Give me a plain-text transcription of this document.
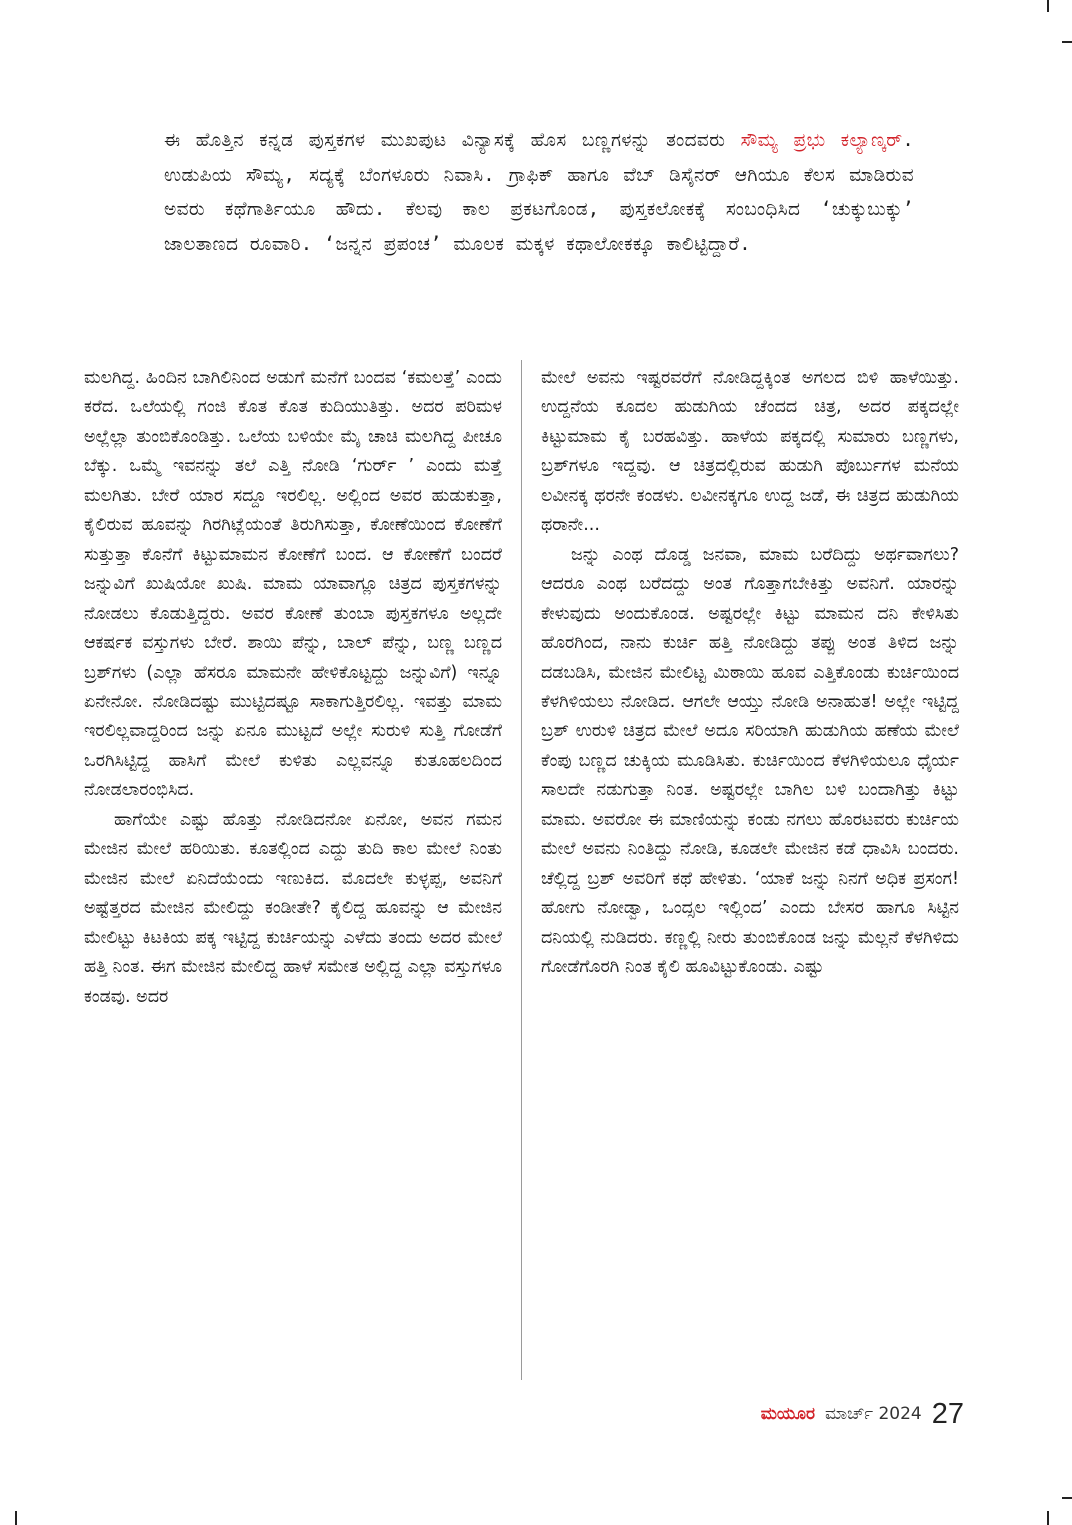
ಈ ಹೊತ್ತಿನ ಕನ್ನಡ ಪುಸ್ತಕಗಳ ಮುಖಪುಟ ವಿನ್ಯಾಸಕ್ಕೆ ಹೊಸ ಬಣ್ಣಗಳನ್ನು ತಂದವರು ಸೌಮ್ಯ ಪ್ರಭು ಕಲ್ಯಾಣ್ಕರ್. ಉಡುಪಿಯ ಸೌಮ್ಯ, ಸದ್ಯಕ್ಕೆ ಬೆಂಗಳೂರು ನಿವಾಸಿ. ಗ್ರಾಫಿಕ್ ಹಾಗೂ ವೆಬ್ ಡಿಸೈನರ್ ಆಗಿಯೂ ಕೆಲಸ ಮಾಡಿರುವ ಅವರು ಕಥೆಗಾರ್ತಿಯೂ ಹೌದು. ಕೆಲವು ಕಾಲ ಪ್ರಕಟಗೊಂಡ, ಪುಸ್ತಕಲೋಕಕ್ಕೆ ಸಂಬಂಧಿಸಿದ ‘ಚುಕ್ಕುಬುಕ್ಕು’ ಜಾಲತಾಣದ ರೂವಾರಿ. ‘ಜನ್ನನ ಪ್ರಪಂಚ’ ಮೂಲಕ ಮಕ್ಕಳ ಕಥಾಲೋಕಕ್ಕೂ ಕಾಲಿಟ್ಟಿದ್ದಾರೆ.

ಮಲಗಿದ್ದ. ಹಿಂದಿನ ಬಾಗಿಲಿನಿಂದ ಅಡುಗೆ ಮನೆಗೆ ಬಂದವ ‘ಕಮಲತ್ತೆ’ ಎಂದು ಕರೆದ. ಒಲೆಯಲ್ಲಿ ಗಂಜಿ ಕೊತ ಕೊತ ಕುದಿಯುತಿತ್ತು. ಅದರ ಪರಿಮಳ ಅಲ್ಲೆಲ್ಲಾ ತುಂಬಿಕೊಂಡಿತ್ತು. ಒಲೆಯ ಬಳಿಯೇ ಮೈ ಚಾಚಿ ಮಲಗಿದ್ದ ಪೀಚೂ ಬೆಕ್ಕು. ಒಮ್ಮೆ ಇವನನ್ನು ತಲೆ ಎತ್ತಿ ನೋಡಿ ‘ಗುರ್ರ್ ’ ಎಂದು ಮತ್ತೆ ಮಲಗಿತು. ಬೇರೆ ಯಾರ ಸದ್ದೂ ಇರಲಿಲ್ಲ. ಅಲ್ಲಿಂದ ಅವರ ಹುಡುಕುತ್ತಾ, ಕೈಲಿರುವ ಹೂವನ್ನು ಗಿರಗಿಟ್ಲೆಯಂತೆ ತಿರುಗಿಸುತ್ತಾ, ಕೋಣೆಯಿಂದ ಕೋಣೆಗೆ ಸುತ್ತುತ್ತಾ ಕೊನೆಗೆ ಕಿಟ್ಟುಮಾಮನ ಕೋಣೆಗೆ ಬಂದ. ಆ ಕೋಣೆಗೆ ಬಂದರೆ ಜನ್ನುವಿಗೆ ಖುಷಿಯೋ ಖುಷಿ. ಮಾಮ ಯಾವಾಗ್ಲೂ ಚಿತ್ರದ ಪುಸ್ತಕಗಳನ್ನು ನೋಡಲು ಕೊಡುತ್ತಿದ್ದರು. ಅವರ ಕೋಣೆ ತುಂಬಾ ಪುಸ್ತಕಗಳೂ ಅಲ್ಲದೇ ಆಕರ್ಷಕ ವಸ್ತುಗಳು ಬೇರೆ. ಶಾಯಿ ಪೆನ್ನು, ಬಾಲ್ ಪೆನ್ನು, ಬಣ್ಣ ಬಣ್ಣದ ಬ್ರಶ್‌ಗಳು (ಎಲ್ಲಾ ಹೆಸರೂ ಮಾಮನೇ ಹೇಳಿಕೊಟ್ಟದ್ದು ಜನ್ನುವಿಗೆ) ಇನ್ನೂ ಏನೇನೋ. ನೋಡಿದಷ್ಟು ಮುಟ್ಟಿದಷ್ಟೂ ಸಾಕಾಗುತ್ತಿರಲಿಲ್ಲ. ಇವತ್ತು ಮಾಮ ಇರಲಿಲ್ಲವಾದ್ದರಿಂದ ಜನ್ನು ಏನೂ ಮುಟ್ಟದೆ ಅಲ್ಲೇ ಸುರುಳಿ ಸುತ್ತಿ ಗೋಡೆಗೆ ಒರಗಿಸಿಟ್ಟಿದ್ದ ಹಾಸಿಗೆ ಮೇಲೆ ಕುಳಿತು ಎಲ್ಲವನ್ನೂ ಕುತೂಹಲದಿಂದ ನೋಡಲಾರಂಭಿಸಿದ.

ಹಾಗೆಯೇ ಎಷ್ಟು ಹೊತ್ತು ನೋಡಿದನೋ ಏನೋ, ಅವನ ಗಮನ ಮೇಜಿನ ಮೇಲೆ ಹರಿಯಿತು. ಕೂತಲ್ಲಿಂದ ಎದ್ದು ತುದಿ ಕಾಲ ಮೇಲೆ ನಿಂತು ಮೇಜಿನ ಮೇಲೆ ಏನಿದೆಯೆಂದು ಇಣುಕಿದ. ಮೊದಲೇ ಕುಳ್ಳಪ್ಪ, ಅವನಿಗೆ ಅಷ್ಟೆತ್ತರದ ಮೇಜಿನ ಮೇಲಿದ್ದು ಕಂಡೀತೇ? ಕೈಲಿದ್ದ ಹೂವನ್ನು ಆ ಮೇಜಿನ ಮೇಲಿಟ್ಟು ಕಿಟಕಿಯ ಪಕ್ಕ ಇಟ್ಟಿದ್ದ ಕುರ್ಚಿಯನ್ನು ಎಳೆದು ತಂದು ಅದರ ಮೇಲೆ ಹತ್ತಿ ನಿಂತ. ಈಗ ಮೇಜಿನ ಮೇಲಿದ್ದ ಹಾಳೆ ಸಮೇತ ಅಲ್ಲಿದ್ದ ಎಲ್ಲಾ ವಸ್ತುಗಳೂ ಕಂಡವು. ಅದರ

ಮೇಲೆ ಅವನು ಇಷ್ಟರವರೆಗೆ ನೋಡಿದ್ದಕ್ಕಿಂತ ಅಗಲದ ಬಿಳಿ ಹಾಳೆಯಿತ್ತು. ಉದ್ದನೆಯ ಕೂದಲ ಹುಡುಗಿಯ ಚೆಂದದ ಚಿತ್ರ, ಅದರ ಪಕ್ಕದಲ್ಲೇ ಕಿಟ್ಟುಮಾಮ ಕೈ ಬರಹವಿತ್ತು. ಹಾಳೆಯ ಪಕ್ಕದಲ್ಲಿ ಸುಮಾರು ಬಣ್ಣಗಳು, ಬ್ರಶ್‌ಗಳೂ ಇದ್ದವು. ಆ ಚಿತ್ರದಲ್ಲಿರುವ ಹುಡುಗಿ ಪೊರ್ಬುಗಳ ಮನೆಯ ಲವೀನಕ್ಕ ಥರನೇ ಕಂಡಳು. ಲವೀನಕ್ಕಗೂ ಉದ್ದ ಜಡೆ, ಈ ಚಿತ್ರದ ಹುಡುಗಿಯ ಥರಾನೇ...

ಜನ್ನು ಎಂಥ ದೊಡ್ಡ ಜನವಾ, ಮಾಮ ಬರೆದಿದ್ದು ಅರ್ಥವಾಗಲು? ಆದರೂ ಎಂಥ ಬರೆದದ್ದು ಅಂತ ಗೊತ್ತಾಗಬೇಕಿತ್ತು ಅವನಿಗೆ. ಯಾರನ್ನು ಕೇಳುವುದು ಅಂದುಕೊಂಡ. ಅಷ್ಟರಲ್ಲೇ ಕಿಟ್ಟು ಮಾಮನ ದನಿ ಕೇಳಿಸಿತು ಹೊರಗಿಂದ, ನಾನು ಕುರ್ಚಿ ಹತ್ತಿ ನೋಡಿದ್ದು ತಪ್ಪು ಅಂತ ತಿಳಿದ ಜನ್ನು ದಡಬಡಿಸಿ, ಮೇಜಿನ ಮೇಲಿಟ್ಟ ಮಿಠಾಯಿ ಹೂವ ಎತ್ತಿಕೊಂಡು ಕುರ್ಚಿಯಿಂದ ಕೆಳಗಿಳಿಯಲು ನೋಡಿದ. ಆಗಲೇ ಆಯ್ತು ನೋಡಿ ಅನಾಹುತ! ಅಲ್ಲೇ ಇಟ್ಟಿದ್ದ ಬ್ರಶ್ ಉರುಳಿ ಚಿತ್ರದ ಮೇಲೆ ಅದೂ ಸರಿಯಾಗಿ ಹುಡುಗಿಯ ಹಣೆಯ ಮೇಲೆ ಕೆಂಪು ಬಣ್ಣದ ಚುಕ್ಕಿಯ ಮೂಡಿಸಿತು. ಕುರ್ಚಿಯಿಂದ ಕೆಳಗಿಳಿಯಲೂ ಧೈರ್ಯ ಸಾಲದೇ ನಡುಗುತ್ತಾ ನಿಂತ. ಅಷ್ಟರಲ್ಲೇ ಬಾಗಿಲ ಬಳಿ ಬಂದಾಗಿತ್ತು ಕಿಟ್ಟು ಮಾಮ. ಅವರೋ ಈ ಮಾಣಿಯನ್ನು ಕಂಡು ನಗಲು ಹೊರಟವರು ಕುರ್ಚಿಯ ಮೇಲೆ ಅವನು ನಿಂತಿದ್ದು ನೋಡಿ, ಕೂಡಲೇ ಮೇಜಿನ ಕಡೆ ಧಾವಿಸಿ ಬಂದರು. ಚೆಲ್ಲಿದ್ದ ಬ್ರಶ್ ಅವರಿಗೆ ಕಥೆ ಹೇಳಿತು. ‘ಯಾಕೆ ಜನ್ನು ನಿನಗೆ ಅಧಿಕ ಪ್ರಸಂಗ! ಹೋಗು ನೋಡ್ವಾ, ಒಂದ್ಸಲ ಇಲ್ಲಿಂದ’ ಎಂದು ಬೇಸರ ಹಾಗೂ ಸಿಟ್ಟಿನ ದನಿಯಲ್ಲಿ ನುಡಿದರು. ಕಣ್ಣಲ್ಲಿ ನೀರು ತುಂಬಿಕೊಂಡ ಜನ್ನು ಮೆಲ್ಲನೆ ಕೆಳಗಿಳಿದು ಗೋಡೆಗೊರಗಿ ನಿಂತ ಕೈಲಿ ಹೂವಿಟ್ಟುಕೊಂಡು. ಎಷ್ಟು

ಮಯೂರ ಮಾರ್ಚ್ 2024 27
